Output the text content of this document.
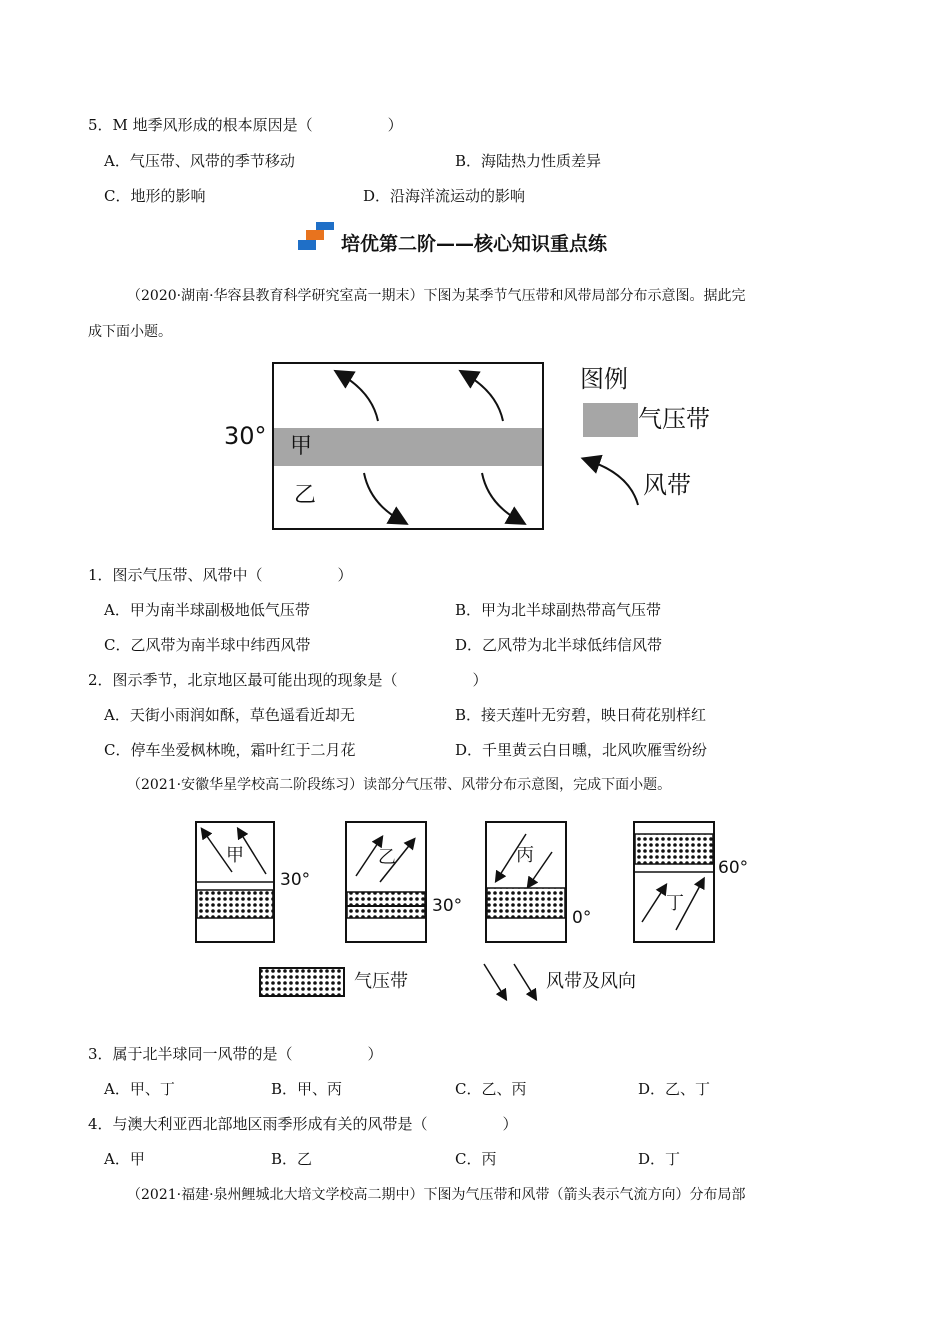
5．M 地季风形成的根本原因是（　　　　　）
A．气压带、风带的季节移动	B．海陆热力性质差异
C．地形的影响	D．沿海洋流运动的影响
培优第二阶——核心知识重点练
（2020·湖南·华容县教育科学研究室高一期末）下图为某季节气压带和风带局部分布示意图。据此完
成下面小题。
30° 甲
乙
图例
气压带
风带
1．图示气压带、风带中（　　　　　）
A．甲为南半球副极地低气压带	B．甲为北半球副热带高气压带
C．乙风带为南半球中纬西风带	D．乙风带为北半球低纬信风带
2．图示季节，北京地区最可能出现的现象是（　　　　　）
A．天街小雨润如酥，草色遥看近却无	B．接天莲叶无穷碧，映日荷花别样红
C．停车坐爱枫林晚，霜叶红于二月花	D．千里黄云白日曛，北风吹雁雪纷纷
（2021·安徽华星学校高二阶段练习）读部分气压带、风带分布示意图，完成下面小题。
甲
30°
乙
30°
丙
0°
丁
60°
气压带	风带及风向
3．属于北半球同一风带的是（　　　　　）
A．甲、丁	B．甲、丙	C．乙、丙	D．乙、丁
4．与澳大利亚西北部地区雨季形成有关的风带是（　　　　　）
A．甲	B．乙	C．丙	D．丁
（2021·福建·泉州鲤城北大培文学校高二期中）下图为气压带和风带（箭头表示气流方向）分布局部
